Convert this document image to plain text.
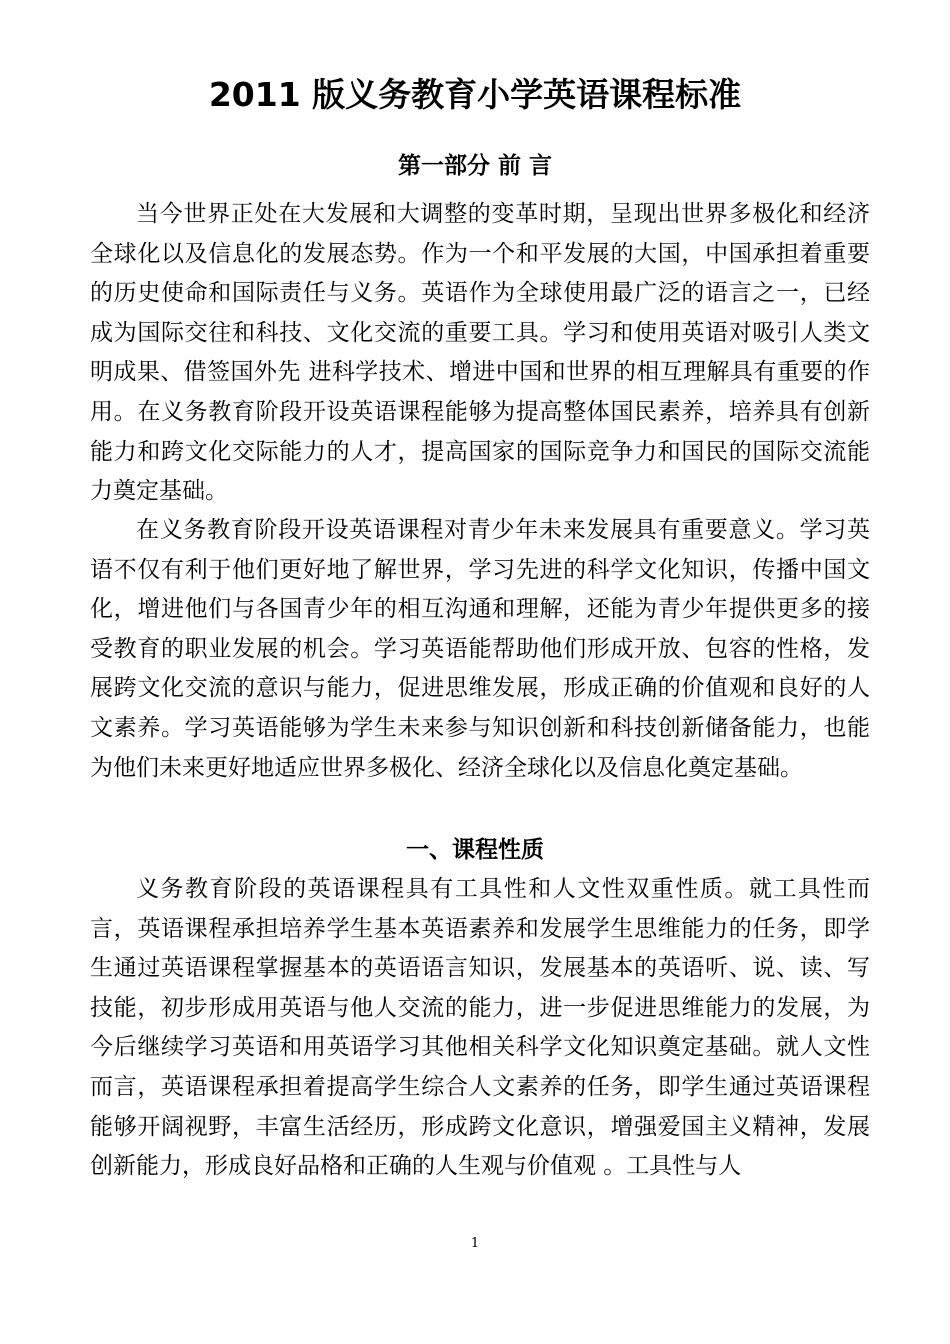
2011 版义务教育小学英语课程标准
第一部分 前 言

当今世界正处在大发展和大调整的变革时期，呈现出世界多极化和经济全球化以及信息化的发展态势。作为一个和平发展的大国，中国承担着重要的历史使命和国际责任与义务。英语作为全球使用最广泛的语言之一，已经成为国际交往和科技、文化交流的重要工具。学习和使用英语对吸引人类文明成果、借签国外先 进科学技术、增进中国和世界的相互理解具有重要的作用。在义务教育阶段开设英语课程能够为提高整体国民素养，培养具有创新能力和跨文化交际能力的人才，提高国家的国际竞争力和国民的国际交流能力奠定基础。

在义务教育阶段开设英语课程对青少年未来发展具有重要意义。学习英语不仅有利于他们更好地了解世界，学习先进的科学文化知识，传播中国文化，增进他们与各国青少年的相互沟通和理解，还能为青少年提供更多的接受教育的职业发展的机会。学习英语能帮助他们形成开放、包容的性格，发展跨文化交流的意识与能力，促进思维发展，形成正确的价值观和良好的人文素养。学习英语能够为学生未来参与知识创新和科技创新储备能力，也能为他们未来更好地适应世界多极化、经济全球化以及信息化奠定基础。

一、课程性质

义务教育阶段的英语课程具有工具性和人文性双重性质。就工具性而言，英语课程承担培养学生基本英语素养和发展学生思维能力的任务，即学生通过英语课程掌握基本的英语语言知识，发展基本的英语听、说、读、写技能，初步形成用英语与他人交流的能力，进一步促进思维能力的发展，为今后继续学习英语和用英语学习其他相关科学文化知识奠定基础。就人文性而言，英语课程承担着提高学生综合人文素养的任务，即学生通过英语课程能够开阔视野，丰富生活经历，形成跨文化意识，增强爱国主义精神，发展创新能力，形成良好品格和正确的人生观与价值观 。工具性与人

1
